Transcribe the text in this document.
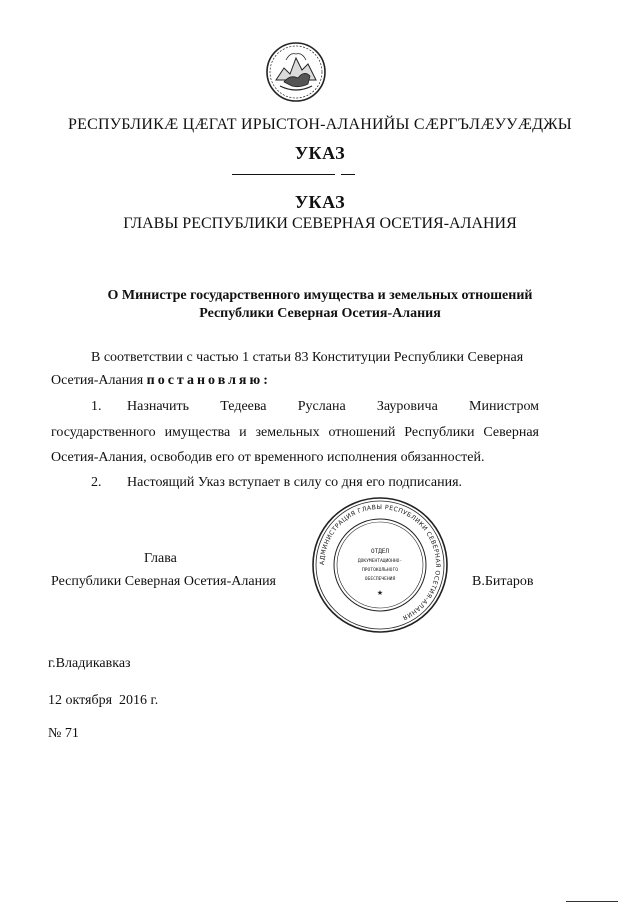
РЕСПУБЛИКÆ ЦÆГАТ ИРЫСТОН-АЛАНИЙЫ СÆРГЪЛÆУУÆДЖЫ
УКАЗ
УКАЗ
ГЛАВЫ РЕСПУБЛИКИ СЕВЕРНАЯ ОСЕТИЯ-АЛАНИЯ
О Министре государственного имущества и земельных отношений
Республики Северная Осетия-Алания
В соответствии с частью 1 статьи 83 Конституции Республики Северная
Осетия-Алания постановляю:
1. Назначить Тедеева Руслана Зауровича Министром
государственного имущества и земельных отношений Республики Северная
Осетия-Алания, освободив его от временного исполнения обязанностей.
2. Настоящий Указ вступает в силу со дня его подписания.
АДМИНИСТРАЦИЯ ГЛАВЫ РЕСПУБЛИКИ СЕВЕРНАЯ ОСЕТИЯ-АЛАНИЯ
ОТДЕЛ
ДОКУМЕНТАЦИОННО-
ПРОТОКОЛЬНОГО
ОБЕСПЕЧЕНИЯ
★
Глава
Республики Северная Осетия-Алания	В.Битаров
г.Владикавказ
12 октября  2016 г.
№ 71
